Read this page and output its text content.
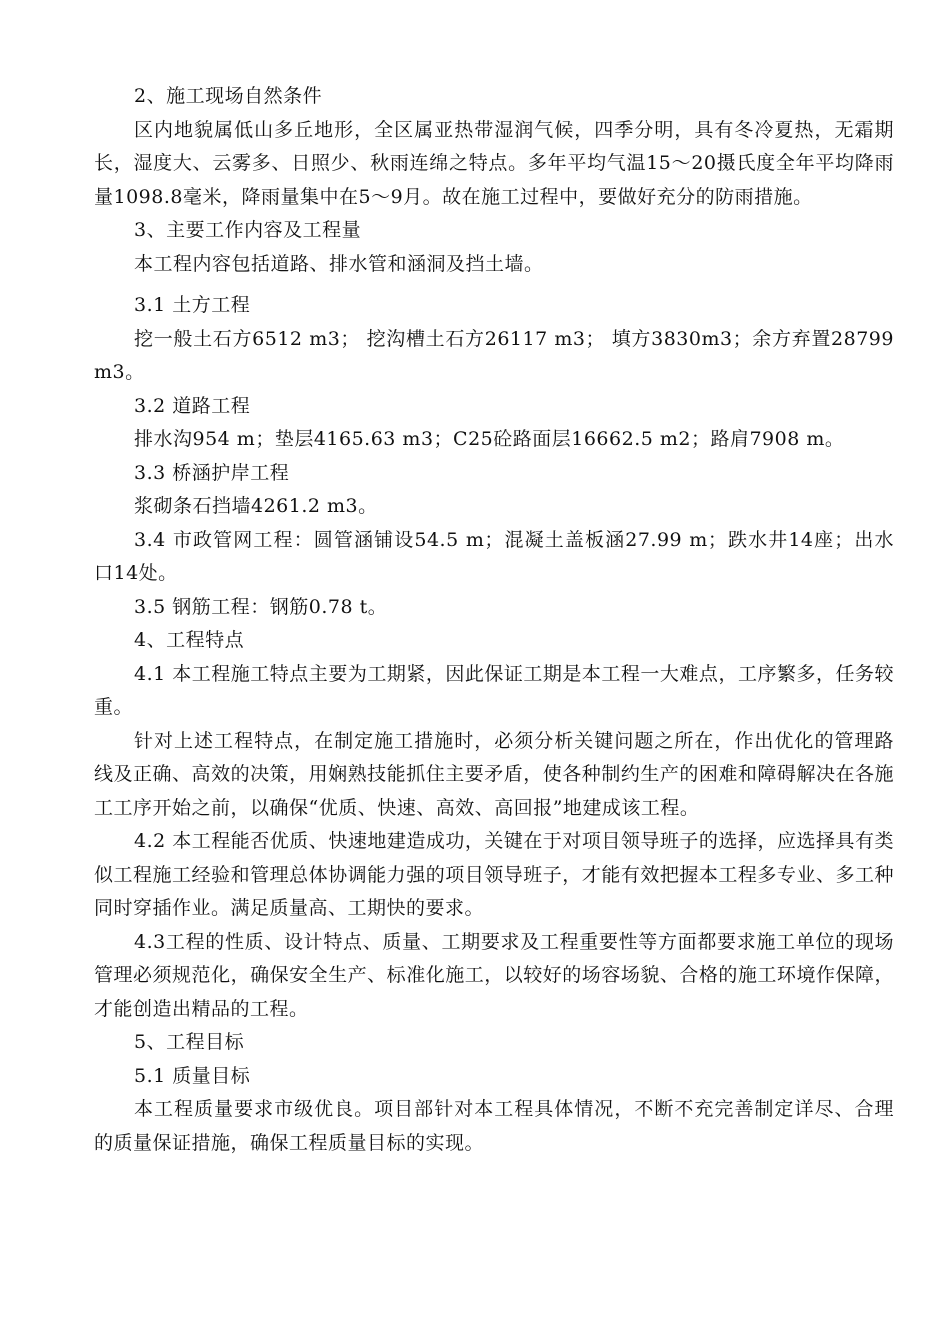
2、施工现场自然条件

区内地貌属低山多丘地形，全区属亚热带湿润气候，四季分明，具有冬冷夏热，无霜期长，湿度大、云雾多、日照少、秋雨连绵之特点。多年平均气温15～20摄氏度全年平均降雨量1098.8毫米，降雨量集中在5～9月。故在施工过程中，要做好充分的防雨措施。

3、主要工作内容及工程量

本工程内容包括道路、排水管和涵洞及挡土墙。

3.1 土方工程

挖一般土石方6512 m3； 挖沟槽土石方26117 m3； 填方3830m3；余方弃置28799 m3。

3.2 道路工程

排水沟954 m；垫层4165.63 m3；C25砼路面层16662.5 m2；路肩7908 m。

3.3 桥涵护岸工程

浆砌条石挡墙4261.2 m3。

3.4 市政管网工程：圆管涵铺设54.5 m；混凝土盖板涵27.99 m；跌水井14座；出水口14处。

3.5 钢筋工程：钢筋0.78 t。

4、工程特点

4.1 本工程施工特点主要为工期紧，因此保证工期是本工程一大难点，工序繁多，任务较重。

针对上述工程特点，在制定施工措施时，必须分析关键问题之所在，作出优化的管理路线及正确、高效的决策，用娴熟技能抓住主要矛盾，使各种制约生产的困难和障碍解决在各施工工序开始之前，以确保“优质、快速、高效、高回报”地建成该工程。

4.2 本工程能否优质、快速地建造成功，关键在于对项目领导班子的选择，应选择具有类似工程施工经验和管理总体协调能力强的项目领导班子，才能有效把握本工程多专业、多工种同时穿插作业。满足质量高、工期快的要求。

4.3工程的性质、设计特点、质量、工期要求及工程重要性等方面都要求施工单位的现场管理必须规范化，确保安全生产、标准化施工，以较好的场容场貌、合格的施工环境作保障，才能创造出精品的工程。

5、工程目标

5.1 质量目标

本工程质量要求市级优良。项目部针对本工程具体情况，不断不充完善制定详尽、合理的质量保证措施，确保工程质量目标的实现。
